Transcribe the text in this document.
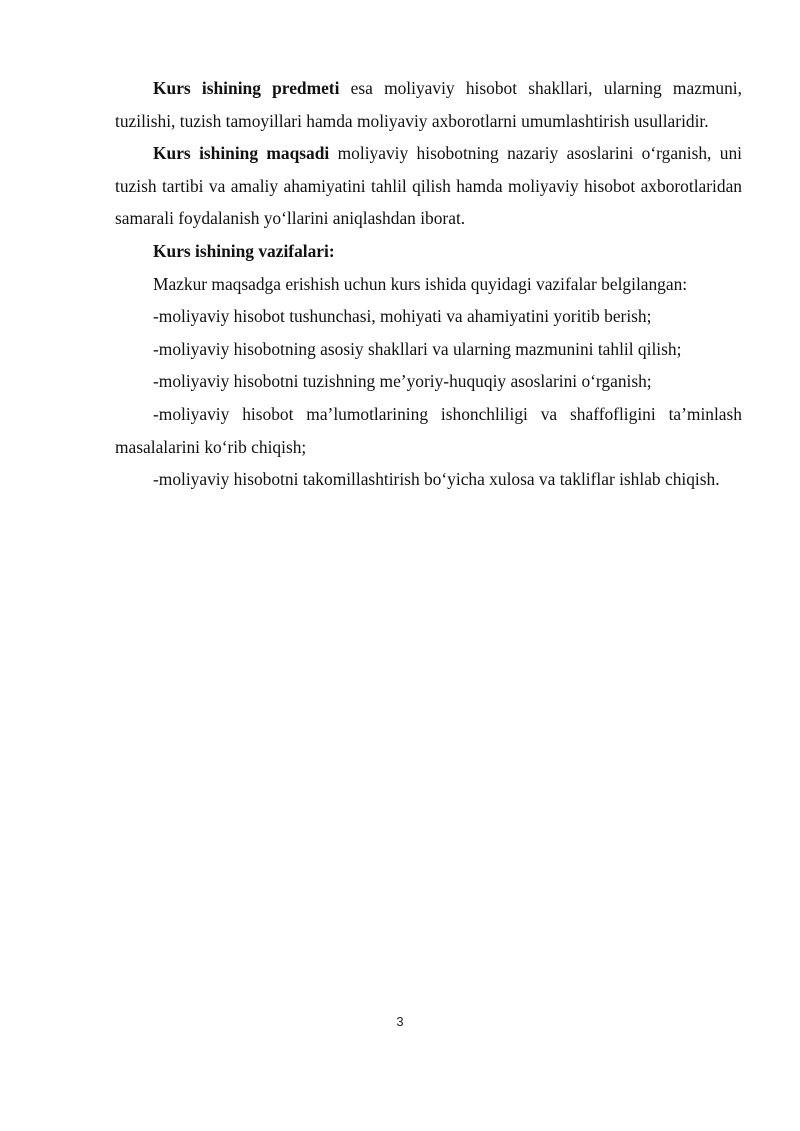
Kurs ishining predmeti esa moliyaviy hisobot shakllari, ularning mazmuni, tuzilishi, tuzish tamoyillari hamda moliyaviy axborotlarni umumlashtirish usullaridir.

Kurs ishining maqsadi moliyaviy hisobotning nazariy asoslarini o‘rganish, uni tuzish tartibi va amaliy ahamiyatini tahlil qilish hamda moliyaviy hisobot axborotlaridan samarali foydalanish yo‘llarini aniqlashdan iborat.

Kurs ishining vazifalari:

Mazkur maqsadga erishish uchun kurs ishida quyidagi vazifalar belgilangan:

-moliyaviy hisobot tushunchasi, mohiyati va ahamiyatini yoritib berish;

-moliyaviy hisobotning asosiy shakllari va ularning mazmunini tahlil qilish;

-moliyaviy hisobotni tuzishning me’yoriy-huquqiy asoslarini o‘rganish;

-moliyaviy hisobot ma’lumotlarining ishonchliligi va shaffofligini ta’minlash masalalarini ko‘rib chiqish;

-moliyaviy hisobotni takomillashtirish bo‘yicha xulosa va takliflar ishlab chiqish.

3
